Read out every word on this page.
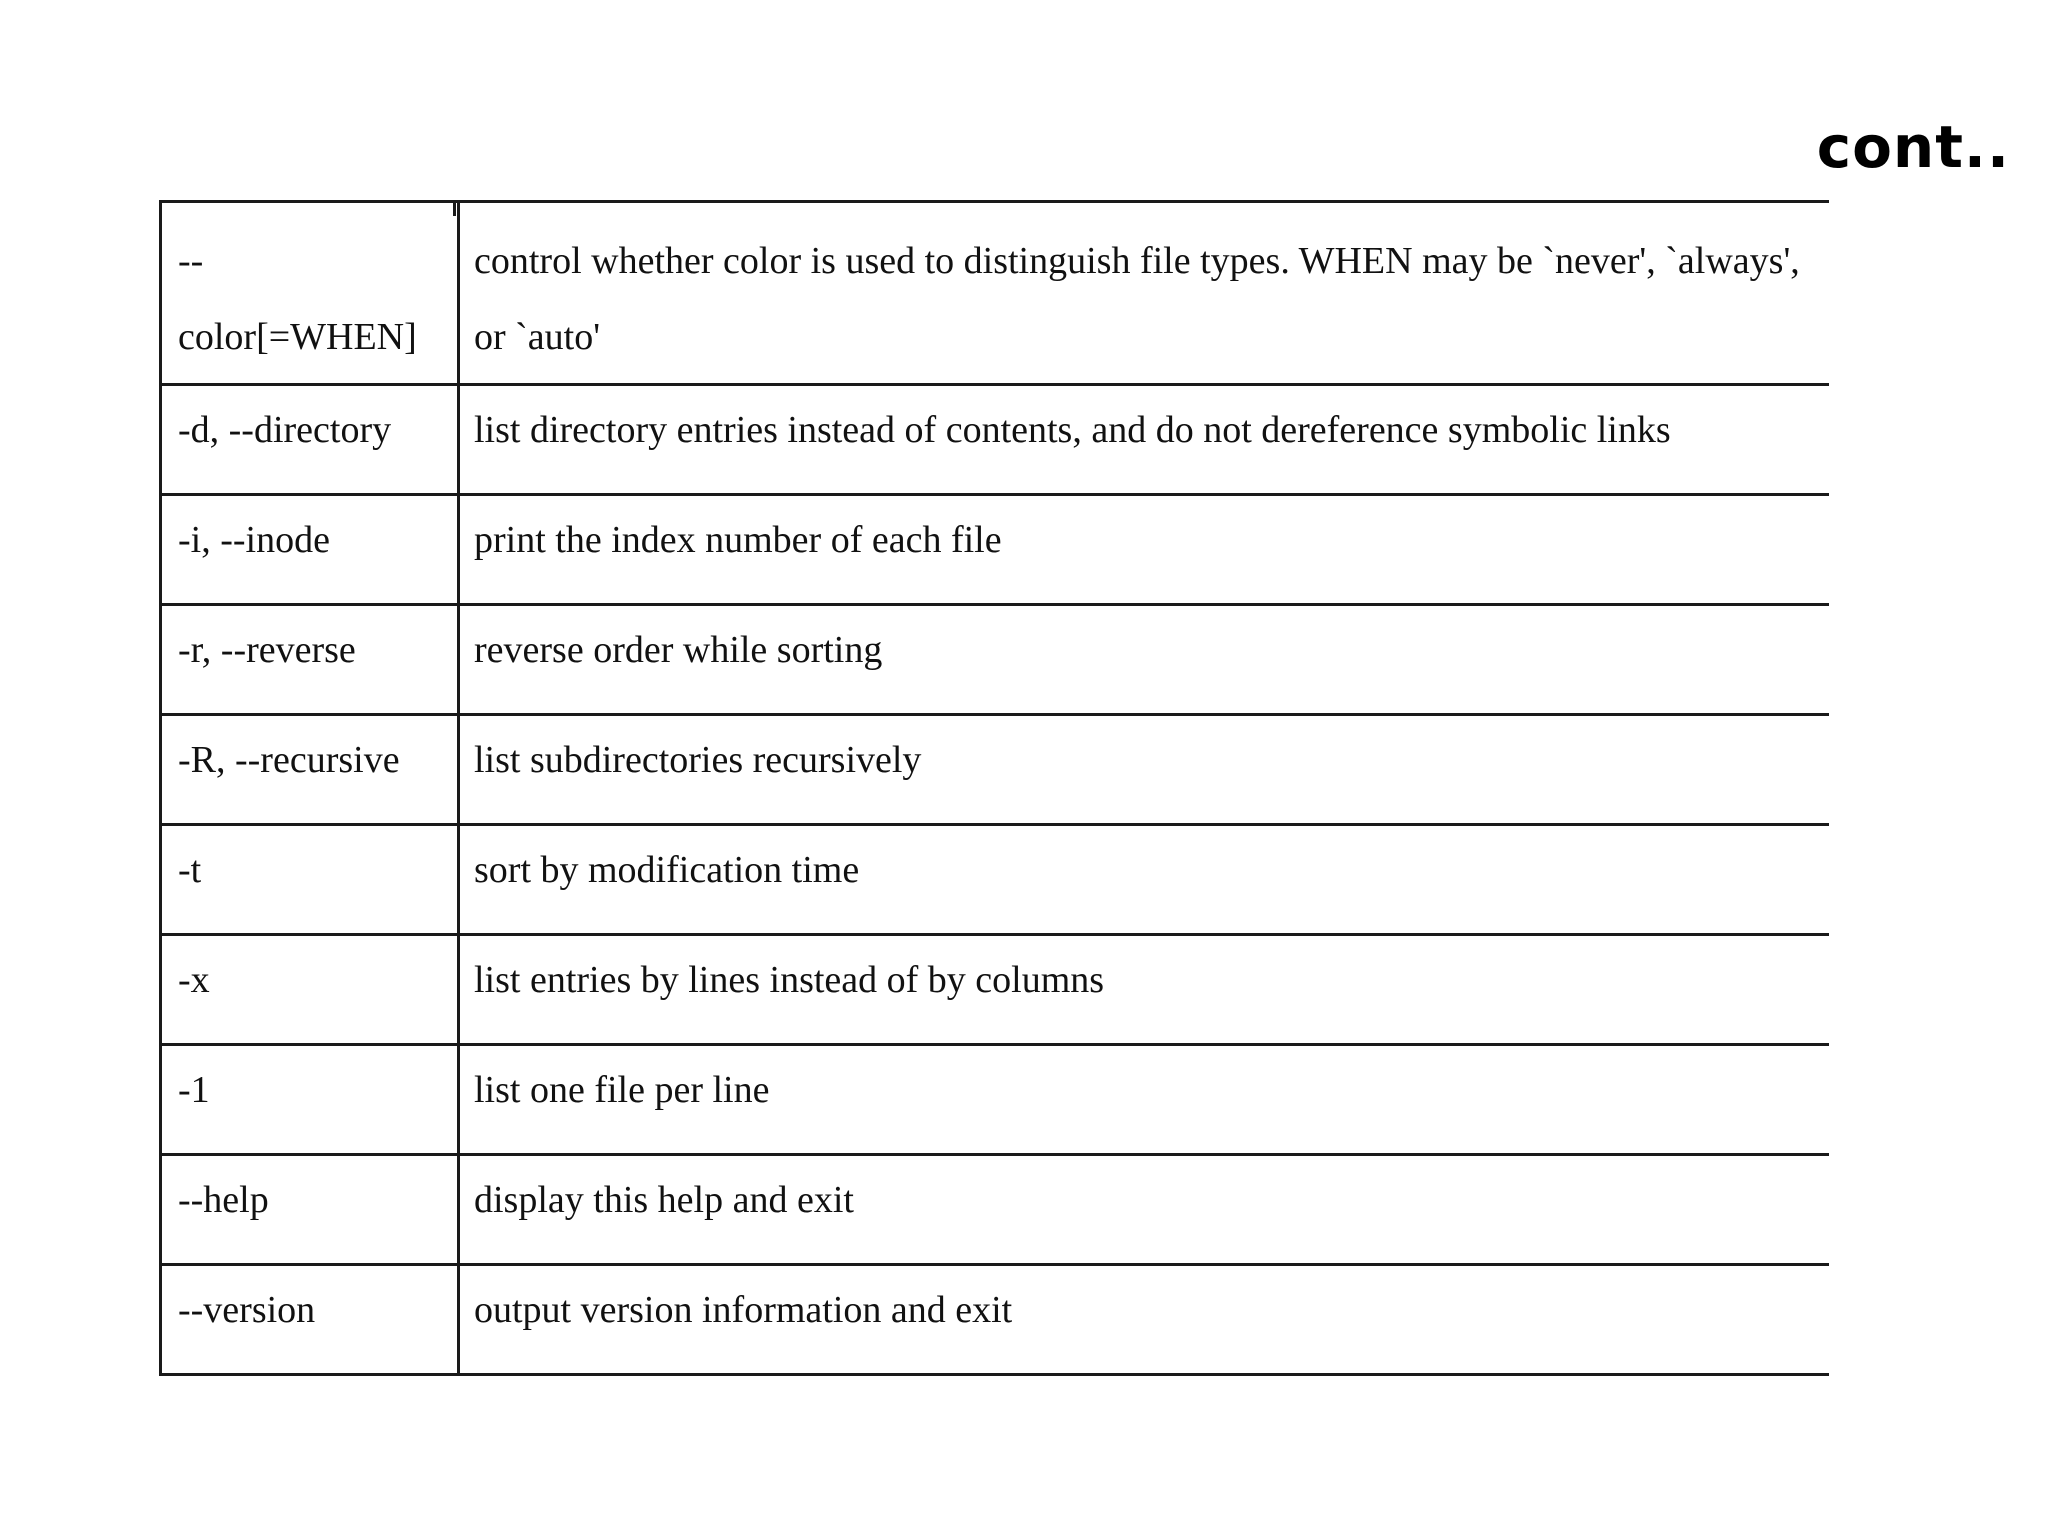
cont..
--
color[=WHEN]	control whether color is used to distinguish file types. WHEN may be `never', `always', or `auto'
-d, --directory	list directory entries instead of contents, and do not dereference symbolic links
-i, --inode	print the index number of each file
-r, --reverse	reverse order while sorting
-R, --recursive	list subdirectories recursively
-t	sort by modification time
-x	list entries by lines instead of by columns
-1	list one file per line
--help	display this help and exit
--version	output version information and exit
